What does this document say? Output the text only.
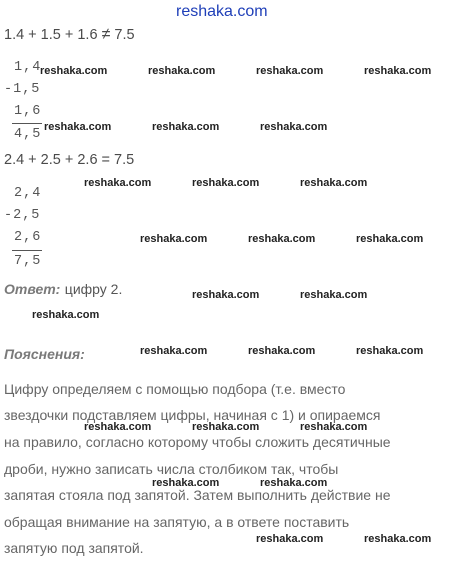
reshaka.com
1.4 + 1.5 + 1.6 ≠ 7.5
1,4
-1,5
1,6
4,5
2.4 + 2.5 + 2.6 = 7.5
2,4
-2,5
2,6
7,5
Ответ: цифру 2.
Пояснения:
Цифру определяем с помощью подбора (т.е. вместо
звездочки подставляем цифры, начиная с 1) и опираемся
на правило, согласно которому чтобы сложить десятичные
дроби, нужно записать числа столбиком так, чтобы
запятая стояла под запятой. Затем выполнить действие не
обращая внимание на запятую, а в ответе поставить
запятую под запятой.
reshaka.com	reshaka.com	reshaka.com	reshaka.com
reshaka.com	reshaka.com	reshaka.com
reshaka.com	reshaka.com	reshaka.com
reshaka.com	reshaka.com	reshaka.com
reshaka.com	reshaka.com
reshaka.com
reshaka.com	reshaka.com	reshaka.com
reshaka.com	reshaka.com	reshaka.com
reshaka.com	reshaka.com
reshaka.com	reshaka.com
